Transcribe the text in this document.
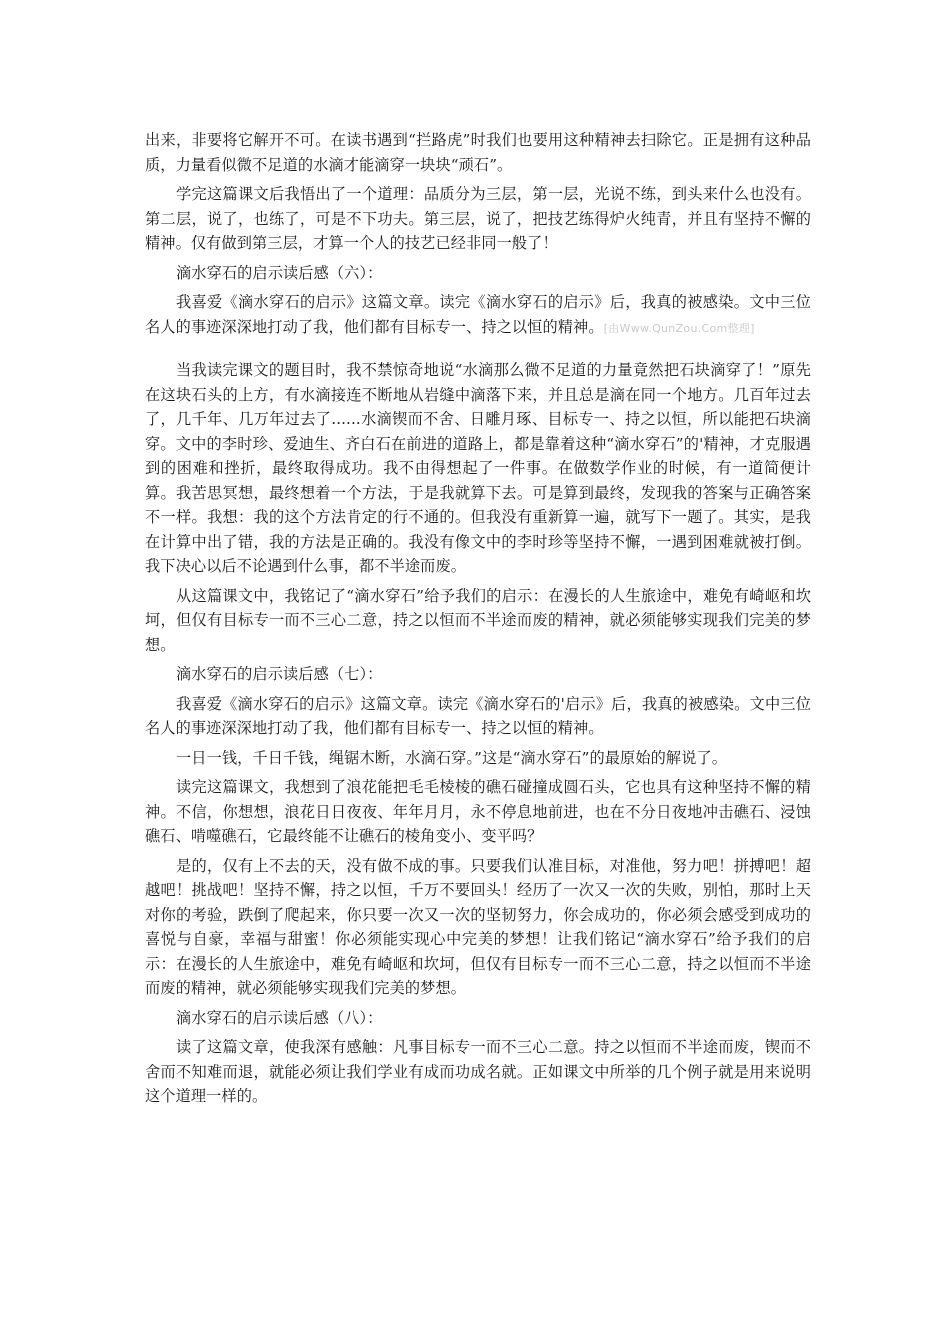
出来，非要将它解开不可。在读书遇到“拦路虎”时我们也要用这种精神去扫除它。正是拥有这种品质，力量看似微不足道的水滴才能滴穿一块块“顽石”。

学完这篇课文后我悟出了一个道理：品质分为三层，第一层，光说不练，到头来什么也没有。第二层，说了，也练了，可是不下功夫。第三层，说了，把技艺练得炉火纯青，并且有坚持不懈的精神。仅有做到第三层，才算一个人的技艺已经非同一般了！

滴水穿石的启示读后感（六）：

我喜爱《滴水穿石的启示》这篇文章。读完《滴水穿石的启示》后，我真的被感染。文中三位名人的事迹深深地打动了我，他们都有目标专一、持之以恒的精神。[由Www.QunZou.Com整理]

当我读完课文的题目时，我不禁惊奇地说“水滴那么微不足道的力量竟然把石块滴穿了！”原先在这块石头的上方，有水滴接连不断地从岩缝中滴落下来，并且总是滴在同一个地方。几百年过去了，几千年、几万年过去了......水滴锲而不舍、日雕月琢、目标专一、持之以恒，所以能把石块滴穿。文中的李时珍、爱迪生、齐白石在前进的道路上，都是靠着这种“滴水穿石”的'精神，才克服遇到的困难和挫折，最终取得成功。我不由得想起了一件事。在做数学作业的时候，有一道简便计算。我苦思冥想，最终想着一个方法，于是我就算下去。可是算到最终，发现我的答案与正确答案不一样。我想：我的这个方法肯定的行不通的。但我没有重新算一遍，就写下一题了。其实，是我在计算中出了错，我的方法是正确的。我没有像文中的李时珍等坚持不懈，一遇到困难就被打倒。我下决心以后不论遇到什么事，都不半途而废。

从这篇课文中，我铭记了“滴水穿石”给予我们的启示：在漫长的人生旅途中，难免有崎岖和坎坷，但仅有目标专一而不三心二意，持之以恒而不半途而废的精神，就必须能够实现我们完美的梦想。

滴水穿石的启示读后感（七）：

我喜爱《滴水穿石的启示》这篇文章。读完《滴水穿石的'启示》后，我真的被感染。文中三位名人的事迹深深地打动了我，他们都有目标专一、持之以恒的精神。

一日一钱，千日千钱，绳锯木断，水滴石穿。”这是“滴水穿石”的最原始的解说了。

读完这篇课文，我想到了浪花能把毛毛棱棱的礁石碰撞成圆石头，它也具有这种坚持不懈的精神。不信，你想想，浪花日日夜夜、年年月月，永不停息地前进，也在不分日夜地冲击礁石、浸蚀礁石、啃噬礁石，它最终能不让礁石的棱角变小、变平吗？

是的，仅有上不去的天，没有做不成的事。只要我们认准目标，对准他，努力吧！拼搏吧！超越吧！挑战吧！坚持不懈，持之以恒，千万不要回头！经历了一次又一次的失败，别怕，那时上天对你的考验，跌倒了爬起来，你只要一次又一次的坚韧努力，你会成功的，你必须会感受到成功的喜悦与自豪，幸福与甜蜜！你必须能实现心中完美的梦想！让我们铭记“滴水穿石”给予我们的启示：在漫长的人生旅途中，难免有崎岖和坎坷，但仅有目标专一而不三心二意，持之以恒而不半途而废的精神，就必须能够实现我们完美的梦想。

滴水穿石的启示读后感（八）：

读了这篇文章，使我深有感触：凡事目标专一而不三心二意。持之以恒而不半途而废，锲而不舍而不知难而退，就能必须让我们学业有成而功成名就。正如课文中所举的几个例子就是用来说明这个道理一样的。
